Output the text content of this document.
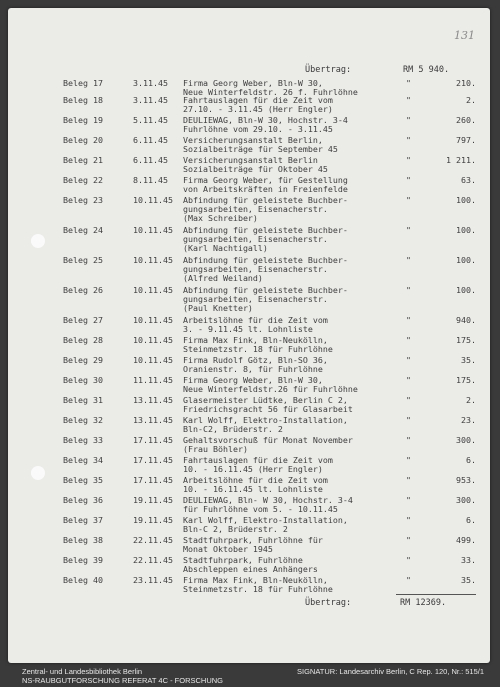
131
Übertrag:	RM 5 940.
Beleg 17	3.11.45 Firma Georg Weber, Bln-W 30,
Neue Winterfeldstr. 26 f. Fuhrlöhne
"	210.
Beleg 18	3.11.45 Fahrtauslagen für die Zeit vom
27.10. - 3.11.45 (Herr Engler)
"	2.
Beleg 19	5.11.45 DEULIEWAG, Bln-W 30, Hochstr. 3-4
Fuhrlöhne vom 29.10. - 3.11.45
"	260.
Beleg 20	6.11.45 Versicherungsanstalt Berlin,
Sozialbeiträge für September 45
"	797.
Beleg 21	6.11.45 Versicherungsanstalt Berlin
Sozialbeiträge für Oktober 45
"	1 211.
Beleg 22	8.11.45 Firma Georg Weber, für Gestellung
von Arbeitskräften in Freienfelde
"	63.
Beleg 23	10.11.45 Abfindung für geleistete Buchber-
gungsarbeiten, Eisenacherstr.
(Max Schreiber)
"	100.
Beleg 24	10.11.45 Abfindung für geleistete Buchber-
gungsarbeiten, Eisenacherstr.
(Karl Nachtigall)
"	100.
Beleg 25	10.11.45 Abfindung für geleistete Buchber-
gungsarbeiten, Eisenacherstr.
(Alfred Weiland)
"	100.
Beleg 26	10.11.45 Abfindung für geleistete Buchber-
gungsarbeiten, Eisenacherstr.
(Paul Knetter)
"	100.
Beleg 27	10.11.45 Arbeitslöhne für die Zeit vom
3. - 9.11.45 lt. Lohnliste
"	940.
Beleg 28	10.11.45 Firma Max Fink, Bln-Neukölln,
Steinmetzstr. 18 für Fuhrlöhne
"	175.
Beleg 29	10.11.45 Firma Rudolf Götz, Bln-SO 36,
Oranienstr. 8, für Fuhrlöhne
"	35.
Beleg 30	11.11.45 Firma Georg Weber, Bln-W 30,
Neue Winterfeldstr.26 für Fuhrlöhne
"	175.
Beleg 31	13.11.45 Glasermeister Lüdtke, Berlin C 2,
Friedrichsgracht 56 für Glasarbeit
"	2.
Beleg 32	13.11.45 Karl Wolff, Elektro-Installation,
Bln-C2, Brüderstr. 2
"	23.
Beleg 33	17.11.45 Gehaltsvorschuß für Monat November
(Frau Böhler)
"	300.
Beleg 34	17.11.45 Fahrtauslagen für die Zeit vom
10. - 16.11.45 (Herr Engler)
"	6.
Beleg 35	17.11.45 Arbeitslöhne für die Zeit vom
10. - 16.11.45 lt. Lohnliste
"	953.
Beleg 36	19.11.45 DEULIEWAG, Bln- W 30, Hochstr. 3-4
für Fuhrlöhne vom 5. - 10.11.45
"	300.
Beleg 37	19.11.45 Karl Wolff, Elektro-Installation,
Bln-C 2, Brüderstr. 2
"	6.
Beleg 38	22.11.45 Stadtfuhrpark, Fuhrlöhne für
Monat Oktober 1945
"	499.
Beleg 39	22.11.45 Stadtfuhrpark, Fuhrlöhne
Abschleppen eines Anhängers
"	33.
Beleg 40	23.11.45 Firma Max Fink, Bln-Neukölln,
Steinmetzstr. 18 für Fuhrlöhne
"	35.
Übertrag:	RM 12369.
Zentral- und Landesbibliothek Berlin
NS-RAUBGUTFORSCHUNG REFERAT 4C - FORSCHUNG
SIGNATUR: Landesarchiv Berlin, C Rep. 120, Nr.: 515/1
